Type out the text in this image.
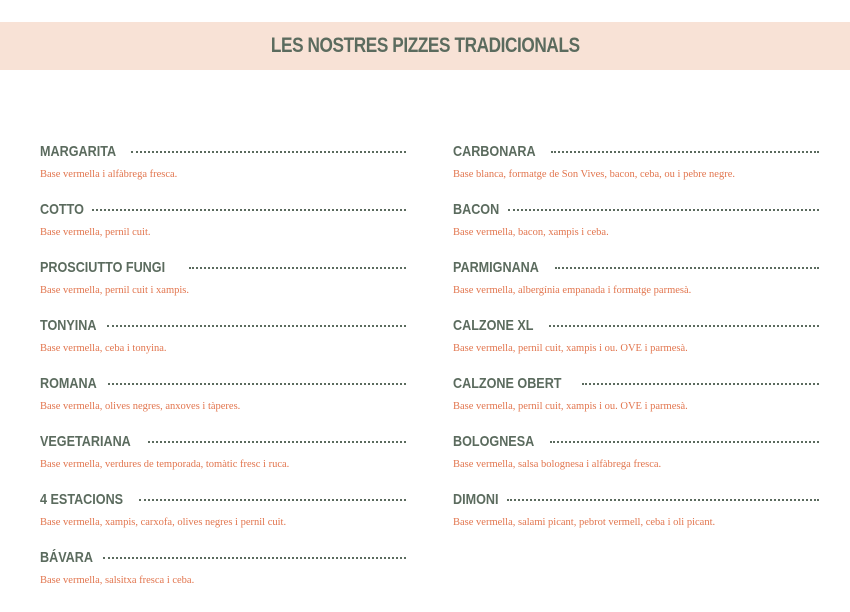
LES NOSTRES PIZZES TRADICIONALS
MARGARITA
Base vermella i alfàbrega fresca.
COTTO
Base vermella, pernil cuit.
PROSCIUTTO FUNGI
Base vermella, pernil cuit i xampis.
TONYINA
Base vermella, ceba i tonyina.
ROMANA
Base vermella, olives negres, anxoves i tàperes.
VEGETARIANA
Base vermella, verdures de temporada, tomàtic fresc i ruca.
4 ESTACIONS
Base vermella, xampis, carxofa, olives negres i pernil cuit.
BÁVARA
Base vermella, salsitxa fresca i ceba.
CARBONARA
Base blanca, formatge de Son Vives, bacon, ceba, ou i pebre negre.
BACON
Base vermella, bacon, xampis i ceba.
PARMIGNANA
Base vermella, albergínia empanada i formatge parmesà.
CALZONE XL
Base vermella, pernil cuit, xampis i ou. OVE i parmesà.
CALZONE OBERT
Base vermella, pernil cuit, xampis i ou. OVE i parmesà.
BOLOGNESA
Base vermella, salsa bolognesa i alfàbrega fresca.
DIMONI
Base vermella, salami picant, pebrot vermell, ceba i oli picant.
